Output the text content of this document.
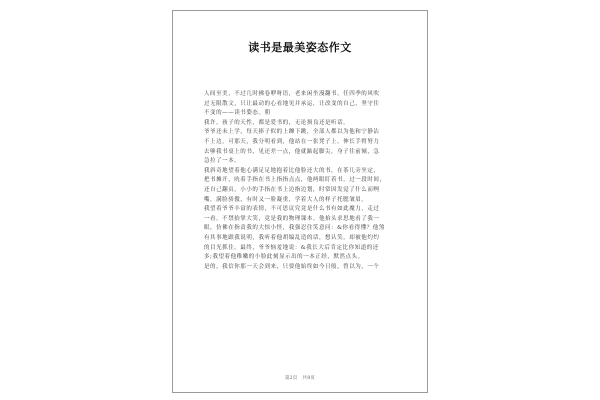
读书是最美姿态作文
人间至美，不过几时拂卷咿呀语，老来闲坐漫翻书，任四季的风吹
过无限散文，只让最动的心看地见并承运，让改变的自己，坚守住
不变的——读书姿态。朝
我许，孩子的天性，都是爱书的，无论损良还是听话。
爷爷还未上学，每天捧子似的上蹿下跳，全部人都以为他和宁静沾
不上边，可那天，我分明看到，他站在一张凳子上，伸长手臂努力
去够我书桌上的书，见还差一点，他就踮起脚尖，身子往前倾，急
急拉了一本。
我斜奇地望着他心满足足地抱着比他脸还大的书，在茶几旁坐定，
把书摊开，吮着手指在书上指指点点，他两眼盯着书，过一段时间，
还自己翻页，小小的手指在书上边指边划，时常因发觉了什么而咧
嘴，满脸骄傲，有时又一脸凝重，学着大人的样子托腮皱眉。
我望着爷爷丰富的表情，不可思议究竟是什么书有如此魔力，走过
一看，不禁抬掌大笑，竟是我的物理课本。他抬头求思地看了我一
眼，仿佛在指责我的大惊小怪，我强忍住笑意问：&你看得懂？他煞
有其事地跟我说明，我听着他胡编乱造的话，想认笑，却被他灼灼
的目光抓住。最终，爷爷恼羞地说：&我长大后肯定比你知道的还
多;我望着他稚嫩的小脸此刻显示出的一本正经，默然点头。
是的，我信你那一天会到来，只要他始终如今日般，曾以为，一个
第2页　共8页
